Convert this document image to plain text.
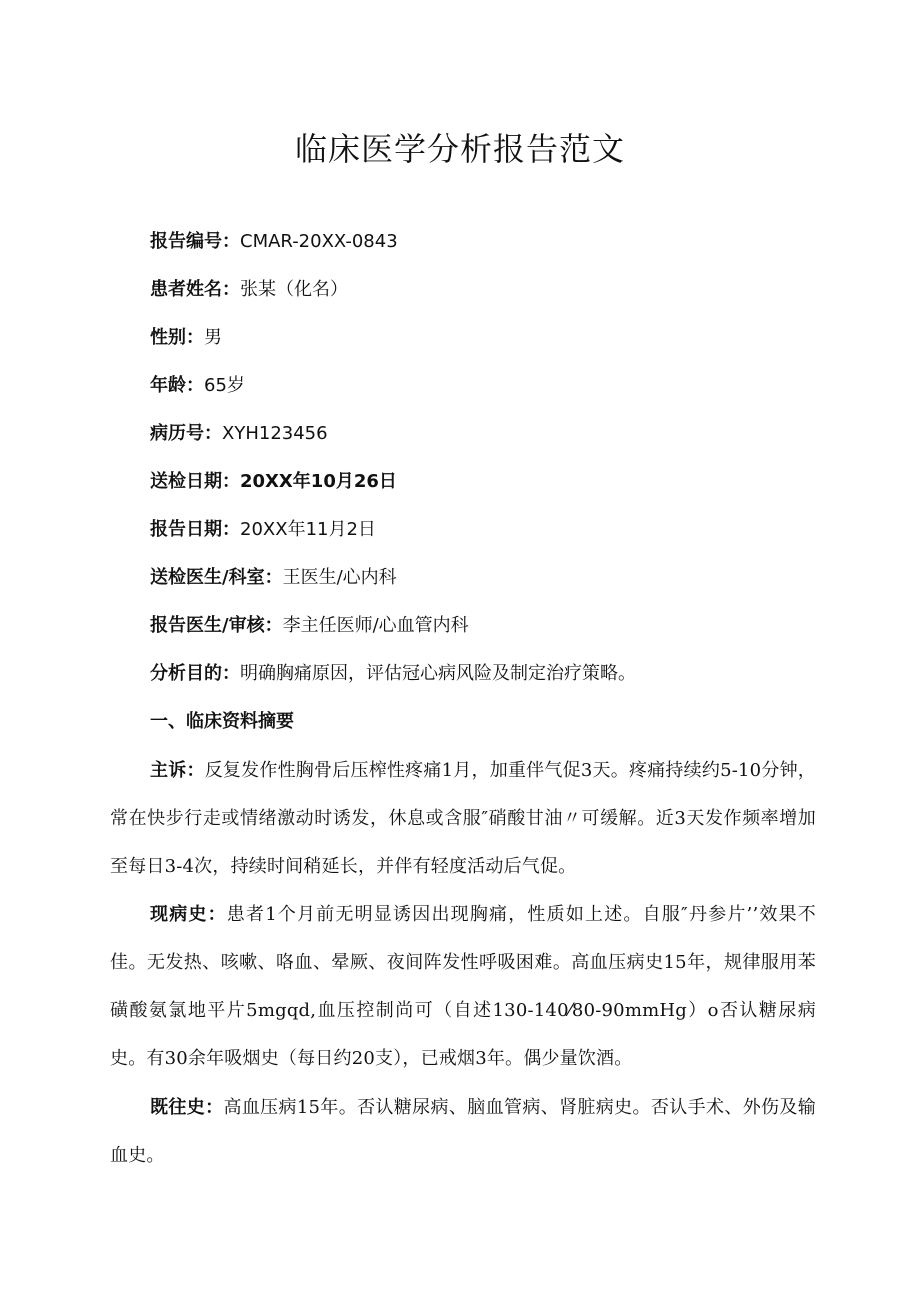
临床医学分析报告范文
报告编号：CMAR-20XX-0843
患者姓名：张某（化名）
性别：男
年龄：65岁
病历号：XYH123456
送检日期：20XX年10月26日
报告日期：20XX年11月2日
送检医生/科室：王医生/心内科
报告医生/审核：李主任医师/心血管内科
分析目的：明确胸痛原因，评估冠心病风险及制定治疗策略。
一、临床资料摘要
主诉：反复发作性胸骨后压榨性疼痛1月，加重伴气促3天。疼痛持续约5-10分钟，常在快步行走或情绪激动时诱发，休息或含服″硝酸甘油〃可缓解。近3天发作频率增加至每日3-4次，持续时间稍延长，并伴有轻度活动后气促。
现病史：患者1个月前无明显诱因出现胸痛，性质如上述。自服″丹参片’’效果不佳。无发热、咳嗽、咯血、晕厥、夜间阵发性呼吸困难。高血压病史15年，规律服用苯磺酸氨氯地平片5mgqd,血压控制尚可（自述130-140⁄80-90mmHg）o否认糖尿病史。有30余年吸烟史（每日约20支），已戒烟3年。偶少量饮酒。
既往史：高血压病15年。否认糖尿病、脑血管病、肾脏病史。否认手术、外伤及输血史。
